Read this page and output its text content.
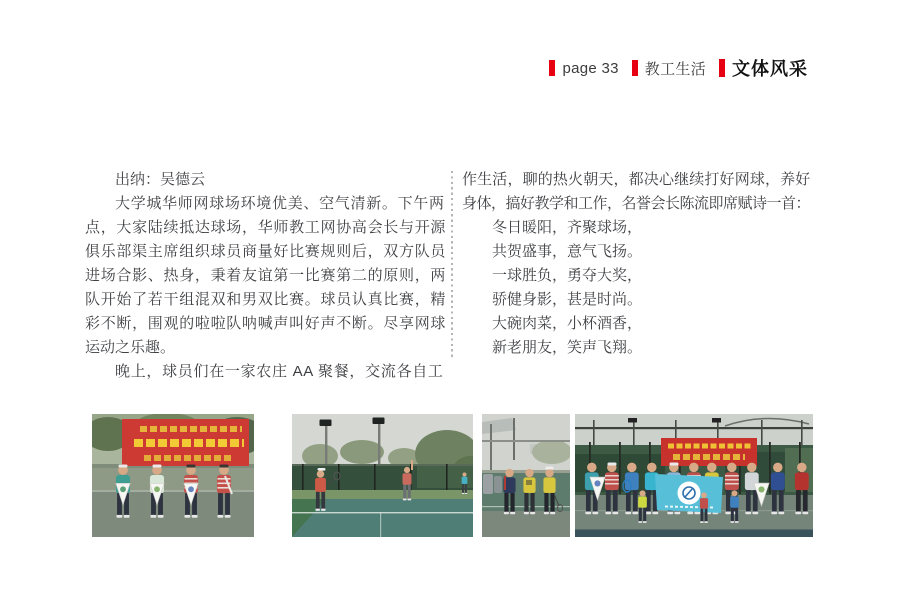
page 33 教工生活 文体风采
出纳：吴德云
大学城华师网球场环境优美、空气清新。下午两
点，大家陆续抵达球场，华师教工网协高会长与开源
俱乐部渠主席组织球员商量好比赛规则后，双方队员
进场合影、热身，秉着友谊第一比赛第二的原则，两
队开始了若干组混双和男双比赛。球员认真比赛，精
彩不断，围观的啦啦队呐喊声叫好声不断。尽享网球
运动之乐趣。
晚上，球员们在一家农庄 AA 聚餐，交流各自工
作生活，聊的热火朝天，都决心继续打好网球，养好
身体，搞好教学和工作，名誉会长陈流即席赋诗一首：
冬日暖阳，齐聚球场，
共贺盛事，意气飞扬。
一球胜负，勇夺大奖，
骄健身影，甚是时尚。
大碗肉菜，小杯酒香，
新老朋友，笑声飞翔。
